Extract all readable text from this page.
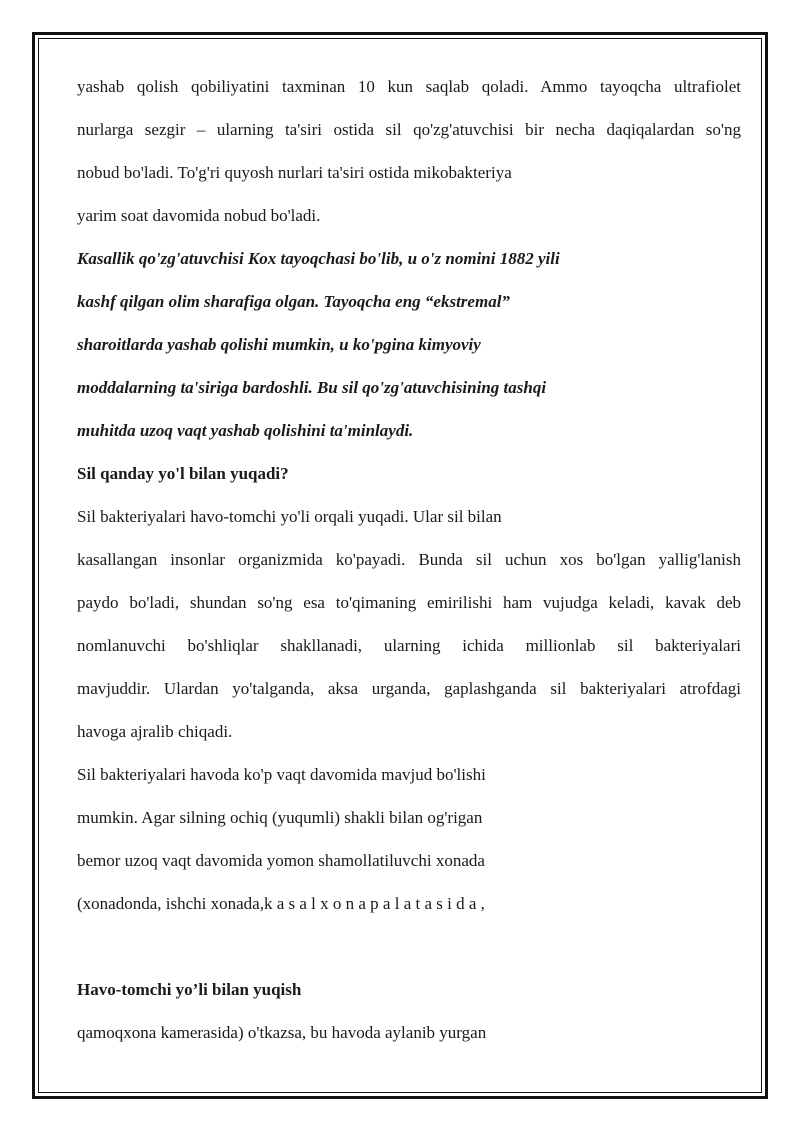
yashab qolish qobiliyatini taxminan 10 kun saqlab qoladi. Ammo tayoqcha ultrafiolet
nurlarga sezgir – ularning ta'siri ostida sil qo'zg'atuvchisi bir necha daqiqalardan so'ng
nobud bo'ladi. To'g'ri quyosh nurlari ta'siri ostida mikobakteriya
yarim soat davomida nobud bo'ladi.
Kasallik qo'zg'atuvchisi Kox tayoqchasi bo'lib, u o'z nomini 1882 yili
kashf qilgan olim sharafiga olgan. Tayoqcha eng “ekstremal”
sharoitlarda yashab qolishi mumkin, u ko'pgina kimyoviy
moddalarning ta'siriga bardoshli. Bu sil qo'zg'atuvchisining tashqi
muhitda uzoq vaqt yashab qolishini ta'minlaydi.
Sil qanday yo'l bilan yuqadi?
Sil bakteriyalari havo-tomchi yo'li orqali yuqadi. Ular sil bilan
kasallangan insonlar organizmida ko'payadi. Bunda sil uchun xos bo'lgan yallig'lanish
paydo bo'ladi, shundan so'ng esa to'qimaning emirilishi ham vujudga keladi, kavak deb
nomlanuvchi bo'shliqlar shakllanadi, ularning ichida millionlab sil bakteriyalari
mavjuddir. Ulardan yo'talganda, aksa urganda, gaplashganda sil bakteriyalari atrofdagi
havoga ajralib chiqadi.
Sil bakteriyalari havoda ko'p vaqt davomida mavjud bo'lishi
mumkin. Agar silning ochiq (yuqumli) shakli bilan og'rigan
bemor uzoq vaqt davomida yomon shamollatiluvchi xonada
(xonadonda, ishchi xonada,k a s a l x o n a p a l a t a s i d a ,
Havo-tomchi yo’li bilan yuqish
qamoqxona kamerasida) o'tkazsa, bu havoda aylanib yurgan
